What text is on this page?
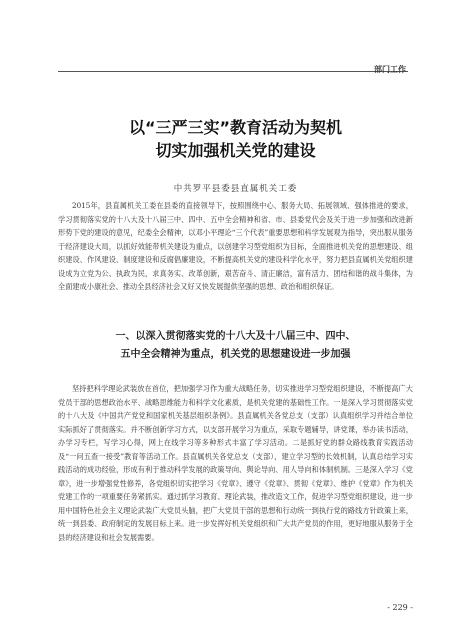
部门工作
以“三严三实”教育活动为契机
切实加强机关党的建设
中共罗平县委县直属机关工委

2015年，县直属机关工委在县委的直接领导下，按照围绕中心、服务大局、拓展领域、强体推进的要求，学习贯彻落实党的十八大及十八届三中、四中、五中全会精神和省、市、县委党代会及关于进一步加强和改进新形势下党的建设的意见，纪委全会精神，以邓小平理论“三个代表”重要思想和科学发展观为指导，突出服从服务于经济建设大局，以抓好效能带机关建设为重点，以创建学习型党组织为目标，全面推进机关党的思想建设、组织建设、作风建设、制度建设和反腐倡廉建设，不断提高机关党的建设科学化水平，努力把县直属机关党组织建设成为立党为公、执政为民，求真务实、改革创新，艰苦奋斗、清正廉洁，富有活力、团结和谐的战斗集体，为全面建成小康社会、推动全县经济社会又好又快发展提供坚强的思想、政治和组织保证。

一、以深入贯彻落实党的十八大及十八届三中、四中、
五中全会精神为重点，机关党的思想建设进一步加强

坚持把科学理论武装放在首位，把加强学习作为重大战略任务，切实推进学习型党组织建设，不断提高广大党员干部的思想政治水平、战略思维能力和科学文化素质，是机关党建的基础性工作。一是深入学习贯彻落实党的十八大及《中国共产党党和国家机关基层组织条例》。县直属机关各党总支（支部）认真组织学习并结合单位实际抓好了贯彻落实。并不断创新学习方式，以支部开展学习为重点，采取专题辅导，讲党课，举办读书活动，办学习专栏，写学习心得，网上在线学习等多种形式丰富了学习活动。二是抓好党的群众路线教育实践活动及“一问五查一接受”教育等活动工作。县直属机关各党总支（支部），建立学习型的长效机制，认真总结学习实践活动的成功经验，形成有利于推动科学发展的政策导向、舆论导向、用人导向和体制机制。三是深入学习《党章》，进一步增强党性修养，各党组织切实把学习《党章》、遵守《党章》、贯彻《党章》、维护《党章》作为机关党建工作的一项重要任务紧抓实。通过抓学习教育、理论武装，推改造文工作，促进学习型党组织建设，进一步用中国特色社会主义理论武装广大党员头脑，把广大党员干部的思想和行动统一到执行党的路线方针政策上来，统一到县委、政府制定的发展目标上来。进一步发挥好机关党组织和广大共产党员的作用，更好地服从服务于全县的经济建设和社会发展需要。

- 229 -
